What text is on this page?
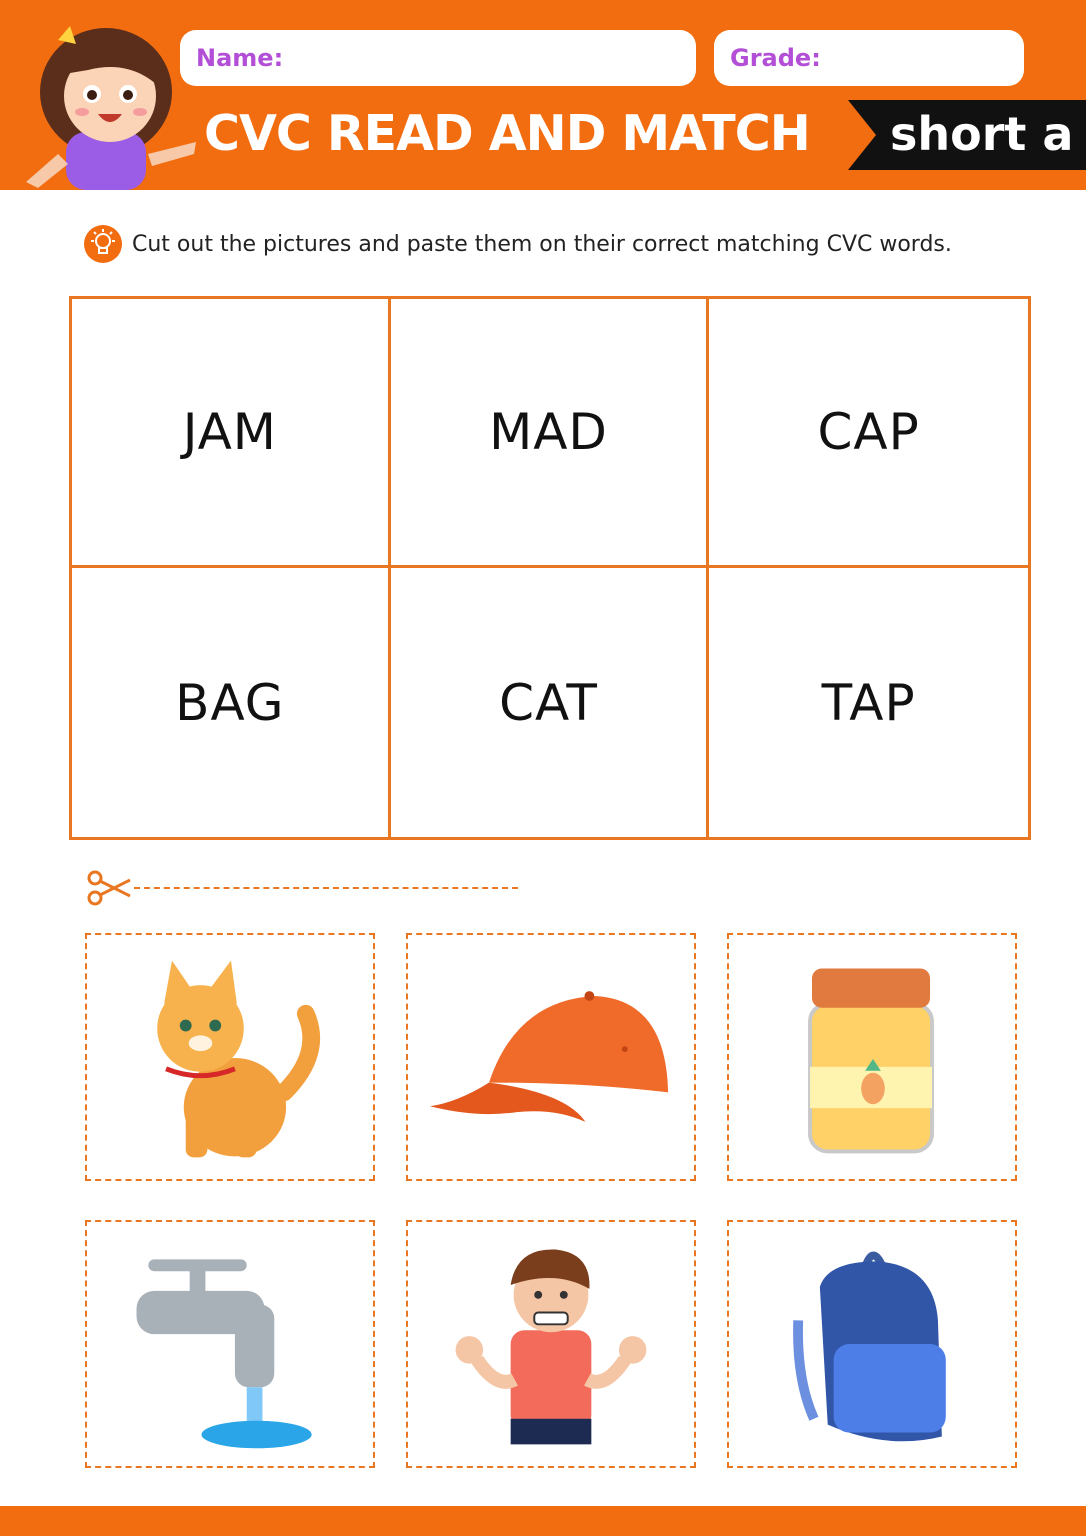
Name:	Grade:
CVC READ AND MATCH short a
Cut out the pictures and paste them on their correct matching CVC words.
JAM	MAD	CAP
BAG	CAT	TAP
